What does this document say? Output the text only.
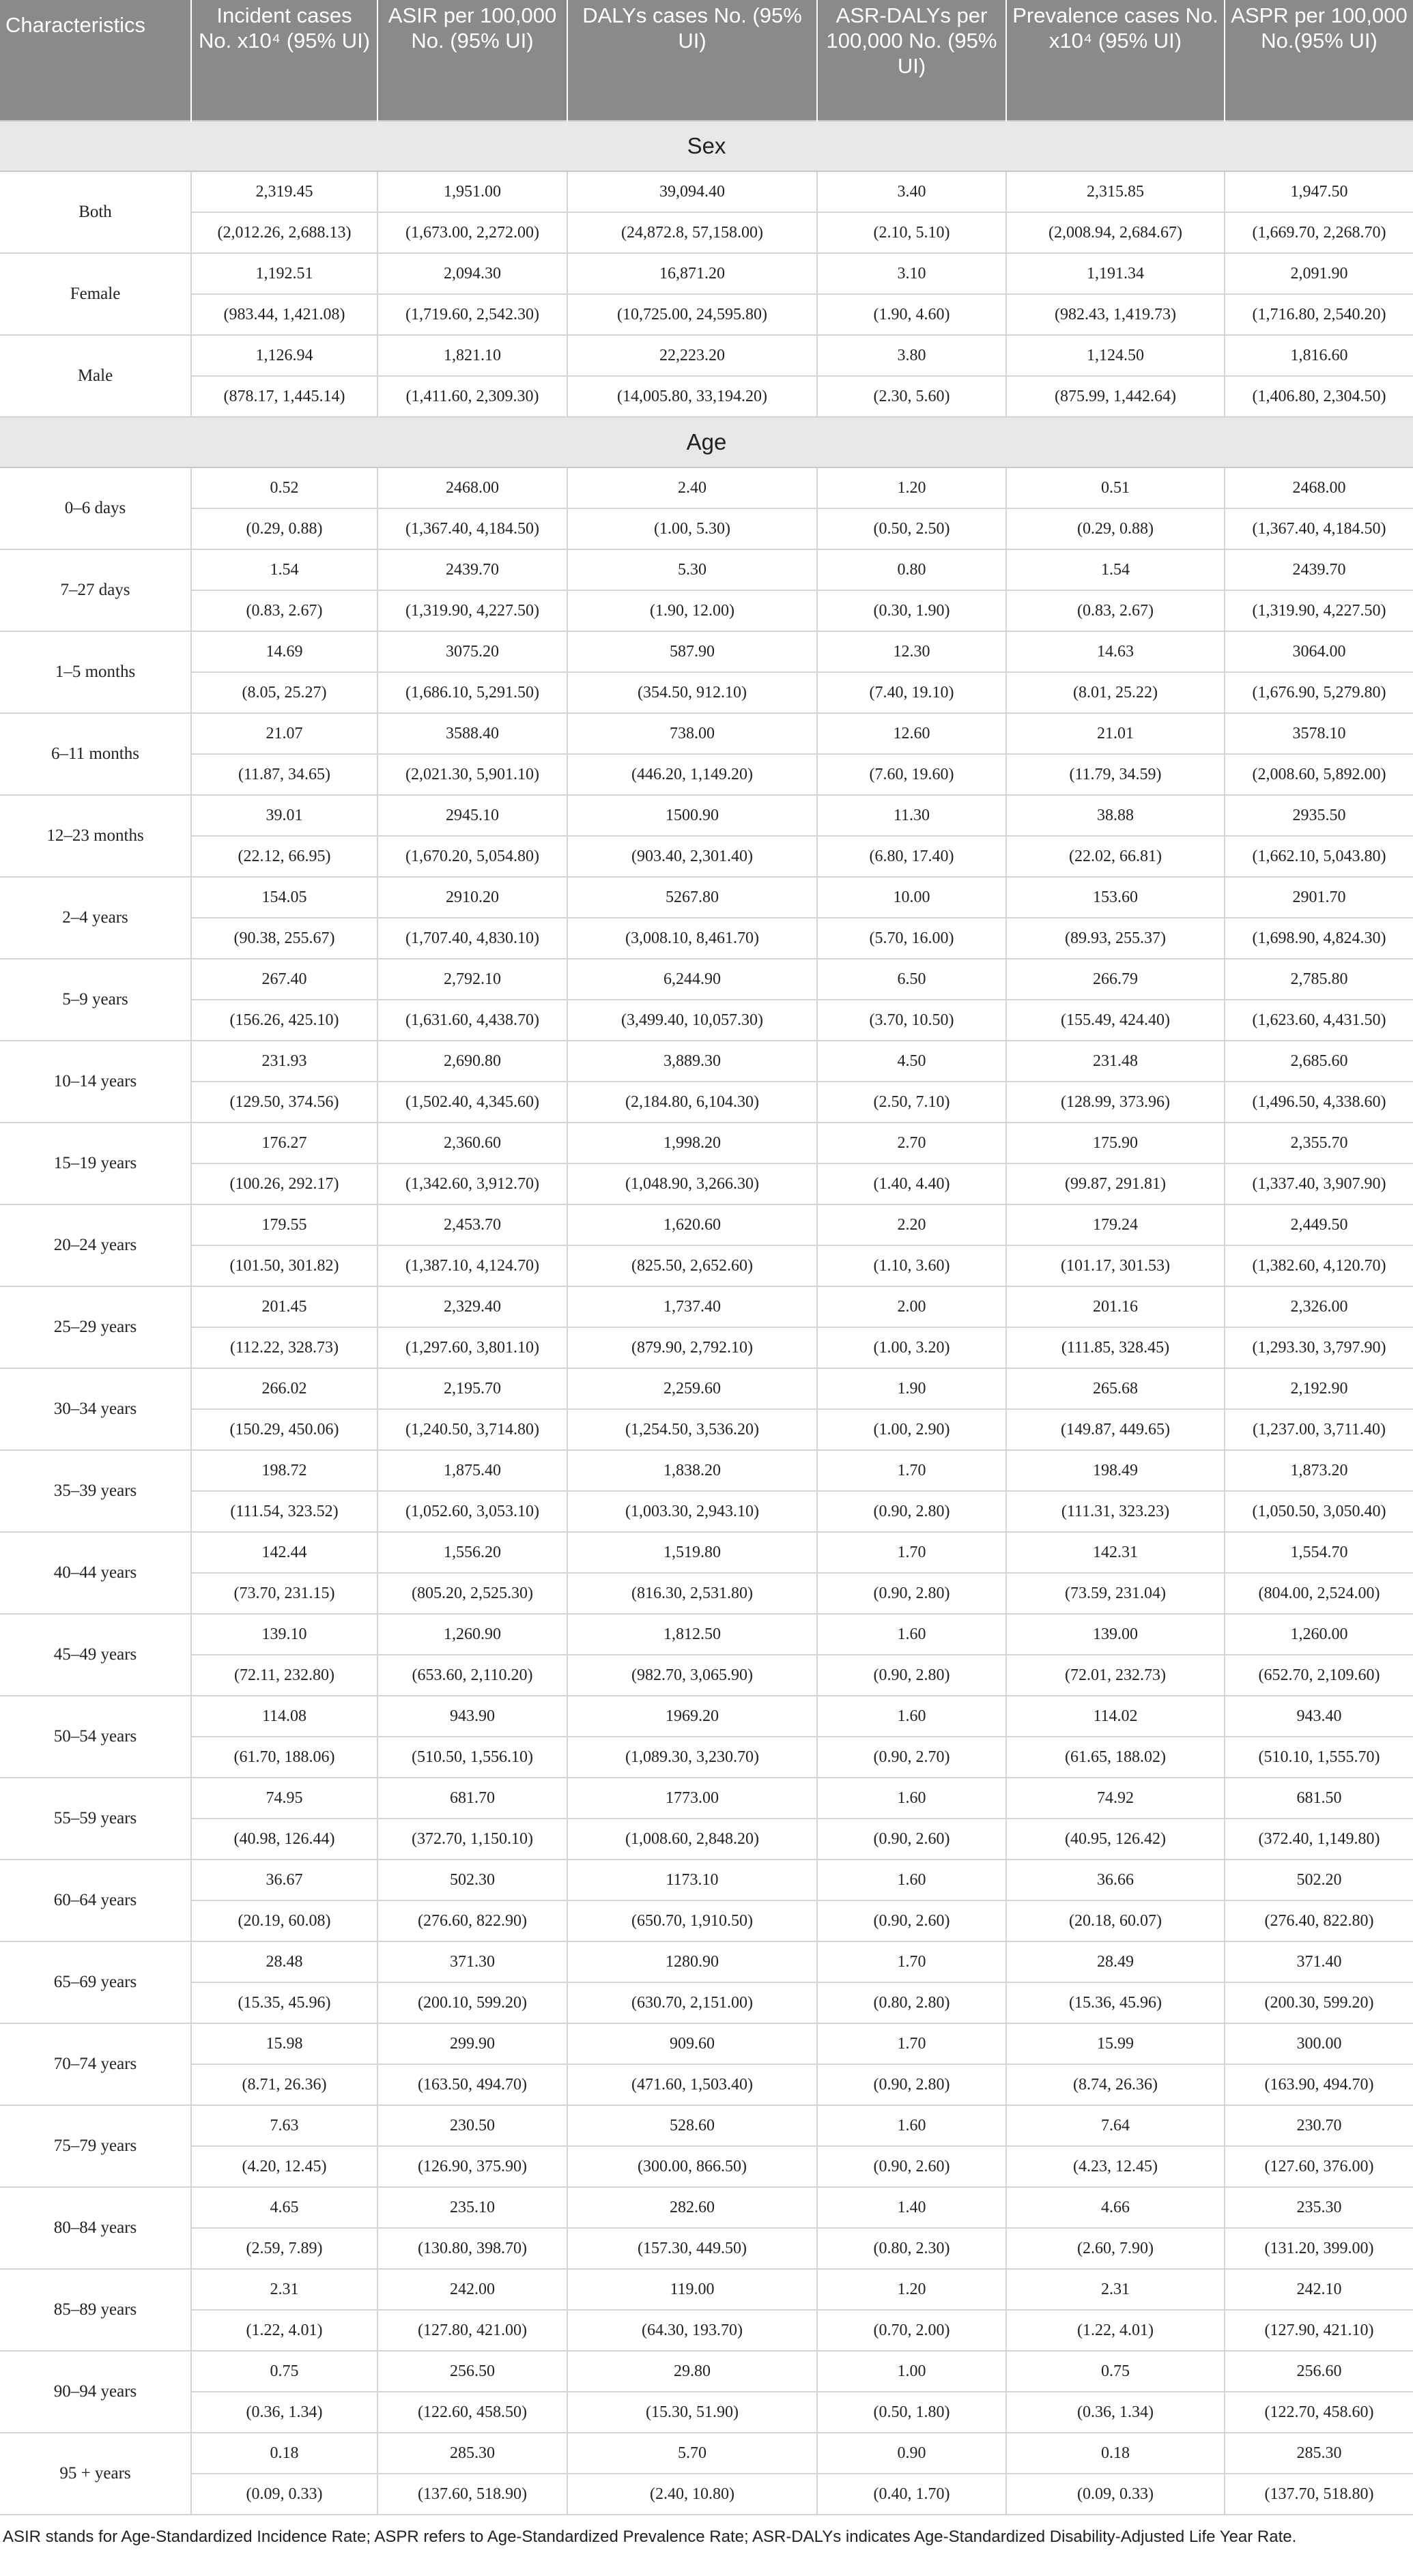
Characteristics	Incident cases No. x10⁴ (95% UI)	ASIR per 100,000 No. (95% UI)	DALYs cases No. (95% UI)	ASR-DALYs per 100,000 No. (95% UI)	Prevalence cases No. x10⁴ (95% UI)	ASPR per 100,000 No.(95% UI)
Sex						
Both	2,319.45	1,951.00	39,094.40	3.40	2,315.85	1,947.50
	(2,012.26, 2,688.13)	(1,673.00, 2,272.00)	(24,872.8, 57,158.00)	(2.10, 5.10)	(2,008.94, 2,684.67)	(1,669.70, 2,268.70)
Female	1,192.51	2,094.30	16,871.20	3.10	1,191.34	2,091.90
	(983.44, 1,421.08)	(1,719.60, 2,542.30)	(10,725.00, 24,595.80)	(1.90, 4.60)	(982.43, 1,419.73)	(1,716.80, 2,540.20)
Male	1,126.94	1,821.10	22,223.20	3.80	1,124.50	1,816.60
	(878.17, 1,445.14)	(1,411.60, 2,309.30)	(14,005.80, 33,194.20)	(2.30, 5.60)	(875.99, 1,442.64)	(1,406.80, 2,304.50)
Age						
0–6 days	0.52	2468.00	2.40	1.20	0.51	2468.00
	(0.29, 0.88)	(1,367.40, 4,184.50)	(1.00, 5.30)	(0.50, 2.50)	(0.29, 0.88)	(1,367.40, 4,184.50)
7–27 days	1.54	2439.70	5.30	0.80	1.54	2439.70
	(0.83, 2.67)	(1,319.90, 4,227.50)	(1.90, 12.00)	(0.30, 1.90)	(0.83, 2.67)	(1,319.90, 4,227.50)
1–5 months	14.69	3075.20	587.90	12.30	14.63	3064.00
	(8.05, 25.27)	(1,686.10, 5,291.50)	(354.50, 912.10)	(7.40, 19.10)	(8.01, 25.22)	(1,676.90, 5,279.80)
6–11 months	21.07	3588.40	738.00	12.60	21.01	3578.10
	(11.87, 34.65)	(2,021.30, 5,901.10)	(446.20, 1,149.20)	(7.60, 19.60)	(11.79, 34.59)	(2,008.60, 5,892.00)
12–23 months	39.01	2945.10	1500.90	11.30	38.88	2935.50
	(22.12, 66.95)	(1,670.20, 5,054.80)	(903.40, 2,301.40)	(6.80, 17.40)	(22.02, 66.81)	(1,662.10, 5,043.80)
2–4 years	154.05	2910.20	5267.80	10.00	153.60	2901.70
	(90.38, 255.67)	(1,707.40, 4,830.10)	(3,008.10, 8,461.70)	(5.70, 16.00)	(89.93, 255.37)	(1,698.90, 4,824.30)
5–9 years	267.40	2,792.10	6,244.90	6.50	266.79	2,785.80
	(156.26, 425.10)	(1,631.60, 4,438.70)	(3,499.40, 10,057.30)	(3.70, 10.50)	(155.49, 424.40)	(1,623.60, 4,431.50)
10–14 years	231.93	2,690.80	3,889.30	4.50	231.48	2,685.60
	(129.50, 374.56)	(1,502.40, 4,345.60)	(2,184.80, 6,104.30)	(2.50, 7.10)	(128.99, 373.96)	(1,496.50, 4,338.60)
15–19 years	176.27	2,360.60	1,998.20	2.70	175.90	2,355.70
	(100.26, 292.17)	(1,342.60, 3,912.70)	(1,048.90, 3,266.30)	(1.40, 4.40)	(99.87, 291.81)	(1,337.40, 3,907.90)
20–24 years	179.55	2,453.70	1,620.60	2.20	179.24	2,449.50
	(101.50, 301.82)	(1,387.10, 4,124.70)	(825.50, 2,652.60)	(1.10, 3.60)	(101.17, 301.53)	(1,382.60, 4,120.70)
25–29 years	201.45	2,329.40	1,737.40	2.00	201.16	2,326.00
	(112.22, 328.73)	(1,297.60, 3,801.10)	(879.90, 2,792.10)	(1.00, 3.20)	(111.85, 328.45)	(1,293.30, 3,797.90)
30–34 years	266.02	2,195.70	2,259.60	1.90	265.68	2,192.90
	(150.29, 450.06)	(1,240.50, 3,714.80)	(1,254.50, 3,536.20)	(1.00, 2.90)	(149.87, 449.65)	(1,237.00, 3,711.40)
35–39 years	198.72	1,875.40	1,838.20	1.70	198.49	1,873.20
	(111.54, 323.52)	(1,052.60, 3,053.10)	(1,003.30, 2,943.10)	(0.90, 2.80)	(111.31, 323.23)	(1,050.50, 3,050.40)
40–44 years	142.44	1,556.20	1,519.80	1.70	142.31	1,554.70
	(73.70, 231.15)	(805.20, 2,525.30)	(816.30, 2,531.80)	(0.90, 2.80)	(73.59, 231.04)	(804.00, 2,524.00)
45–49 years	139.10	1,260.90	1,812.50	1.60	139.00	1,260.00
	(72.11, 232.80)	(653.60, 2,110.20)	(982.70, 3,065.90)	(0.90, 2.80)	(72.01, 232.73)	(652.70, 2,109.60)
50–54 years	114.08	943.90	1969.20	1.60	114.02	943.40
	(61.70, 188.06)	(510.50, 1,556.10)	(1,089.30, 3,230.70)	(0.90, 2.70)	(61.65, 188.02)	(510.10, 1,555.70)
55–59 years	74.95	681.70	1773.00	1.60	74.92	681.50
	(40.98, 126.44)	(372.70, 1,150.10)	(1,008.60, 2,848.20)	(0.90, 2.60)	(40.95, 126.42)	(372.40, 1,149.80)
60–64 years	36.67	502.30	1173.10	1.60	36.66	502.20
	(20.19, 60.08)	(276.60, 822.90)	(650.70, 1,910.50)	(0.90, 2.60)	(20.18, 60.07)	(276.40, 822.80)
65–69 years	28.48	371.30	1280.90	1.70	28.49	371.40
	(15.35, 45.96)	(200.10, 599.20)	(630.70, 2,151.00)	(0.80, 2.80)	(15.36, 45.96)	(200.30, 599.20)
70–74 years	15.98	299.90	909.60	1.70	15.99	300.00
	(8.71, 26.36)	(163.50, 494.70)	(471.60, 1,503.40)	(0.90, 2.80)	(8.74, 26.36)	(163.90, 494.70)
75–79 years	7.63	230.50	528.60	1.60	7.64	230.70
	(4.20, 12.45)	(126.90, 375.90)	(300.00, 866.50)	(0.90, 2.60)	(4.23, 12.45)	(127.60, 376.00)
80–84 years	4.65	235.10	282.60	1.40	4.66	235.30
	(2.59, 7.89)	(130.80, 398.70)	(157.30, 449.50)	(0.80, 2.30)	(2.60, 7.90)	(131.20, 399.00)
85–89 years	2.31	242.00	119.00	1.20	2.31	242.10
	(1.22, 4.01)	(127.80, 421.00)	(64.30, 193.70)	(0.70, 2.00)	(1.22, 4.01)	(127.90, 421.10)
90–94 years	0.75	256.50	29.80	1.00	0.75	256.60
	(0.36, 1.34)	(122.60, 458.50)	(15.30, 51.90)	(0.50, 1.80)	(0.36, 1.34)	(122.70, 458.60)
95 + years	0.18	285.30	5.70	0.90	0.18	285.30
	(0.09, 0.33)	(137.60, 518.90)	(2.40, 10.80)	(0.40, 1.70)	(0.09, 0.33)	(137.70, 518.80)
ASIR stands for Age-Standardized Incidence Rate; ASPR refers to Age-Standardized Prevalence Rate; ASR-DALYs indicates Age-Standardized Disability-Adjusted Life Year Rate.
